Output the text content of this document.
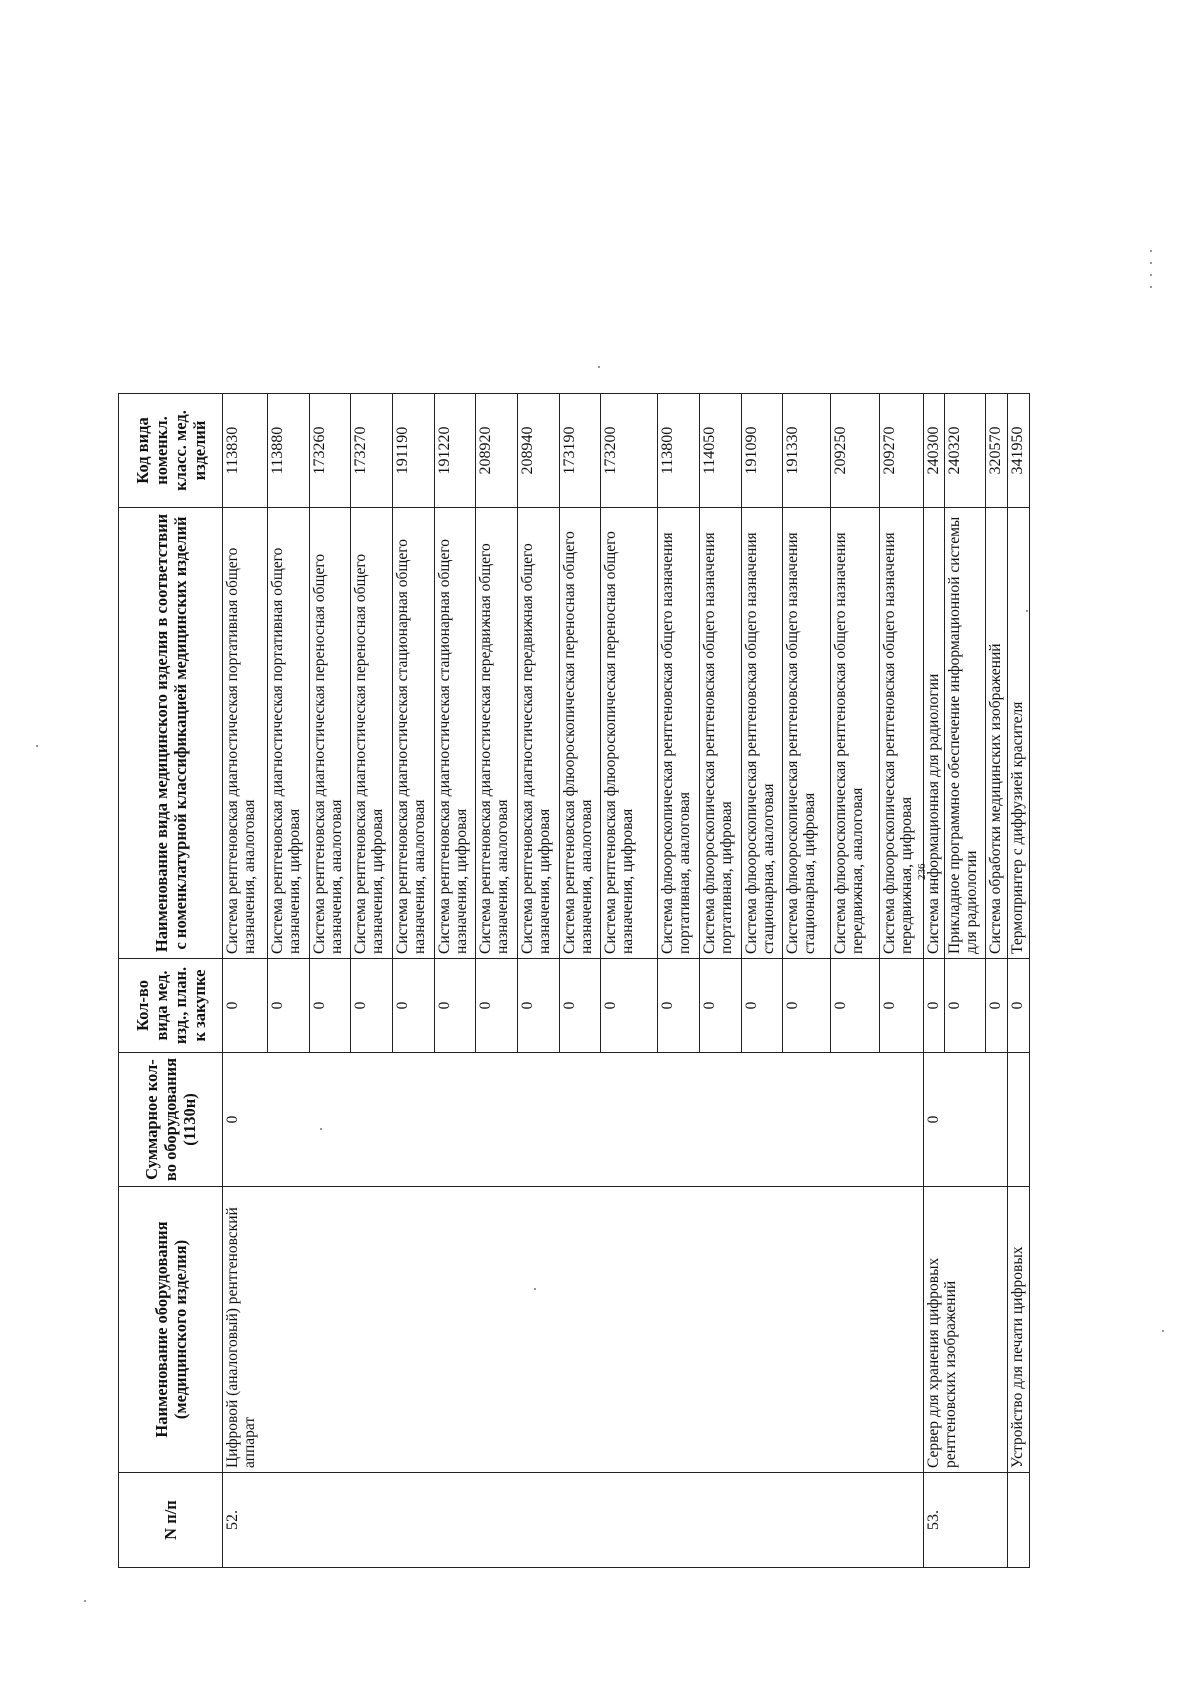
N п/п	Наименование оборудования (медицинского изделия)	Суммарное кол-во оборудования (1130н)	Кол-во вида мед. изд., план. к закупке	Наименование вида медицинского изделия в соответствии с номенклатурной классификацией медицинских изделий	Код вида номенкл. класс. мед. изделий
52.	Цифровой (аналоговый) рентгеновский аппарат	0	0	Система рентгеновская диагностическая портативная общего назначения, аналоговая	113830
			0	Система рентгеновская диагностическая портативная общего назначения, цифровая	113880
			0	Система рентгеновская диагностическая переносная общего назначения, аналоговая	173260
			0	Система рентгеновская диагностическая переносная общего назначения, цифровая	173270
			0	Система рентгеновская диагностическая стационарная общего назначения, аналоговая	191190
			0	Система рентгеновская диагностическая стационарная общего назначения, цифровая	191220
			0	Система рентгеновская диагностическая передвижная общего назначения, аналоговая	208920
			0	Система рентгеновская диагностическая передвижная общего назначения, цифровая	208940
			0	Система рентгеновская флюороскопическая переносная общего назначения, аналоговая	173190
			0	Система рентгеновская флюороскопическая переносная общего назначения, цифровая	173200
			0	Система флюороскопическая рентгеновская общего назначения портативная, аналоговая	113800
			0	Система флюороскопическая рентгеновская общего назначения портативная, цифровая	114050
			0	Система флюороскопическая рентгеновская общего назначения стационарная, аналоговая	191090
			0	Система флюороскопическая рентгеновская общего назначения стационарная, цифровая	191330
			0	Система флюороскопическая рентгеновская общего назначения передвижная, аналоговая	209250
			0	Система флюороскопическая рентгеновская общего назначения передвижная, цифровая	209270
53.	Сервер для хранения цифровых рентгеновских изображений	0	0	Система информационная для радиологии	240300
			0	Прикладное программное обеспечение информационной системы для радиологии	240320
			0	Система обработки медицинских изображений	320570
	Устройство для печати цифровых		0	Термопринтер с диффузией красителя	341950
236
